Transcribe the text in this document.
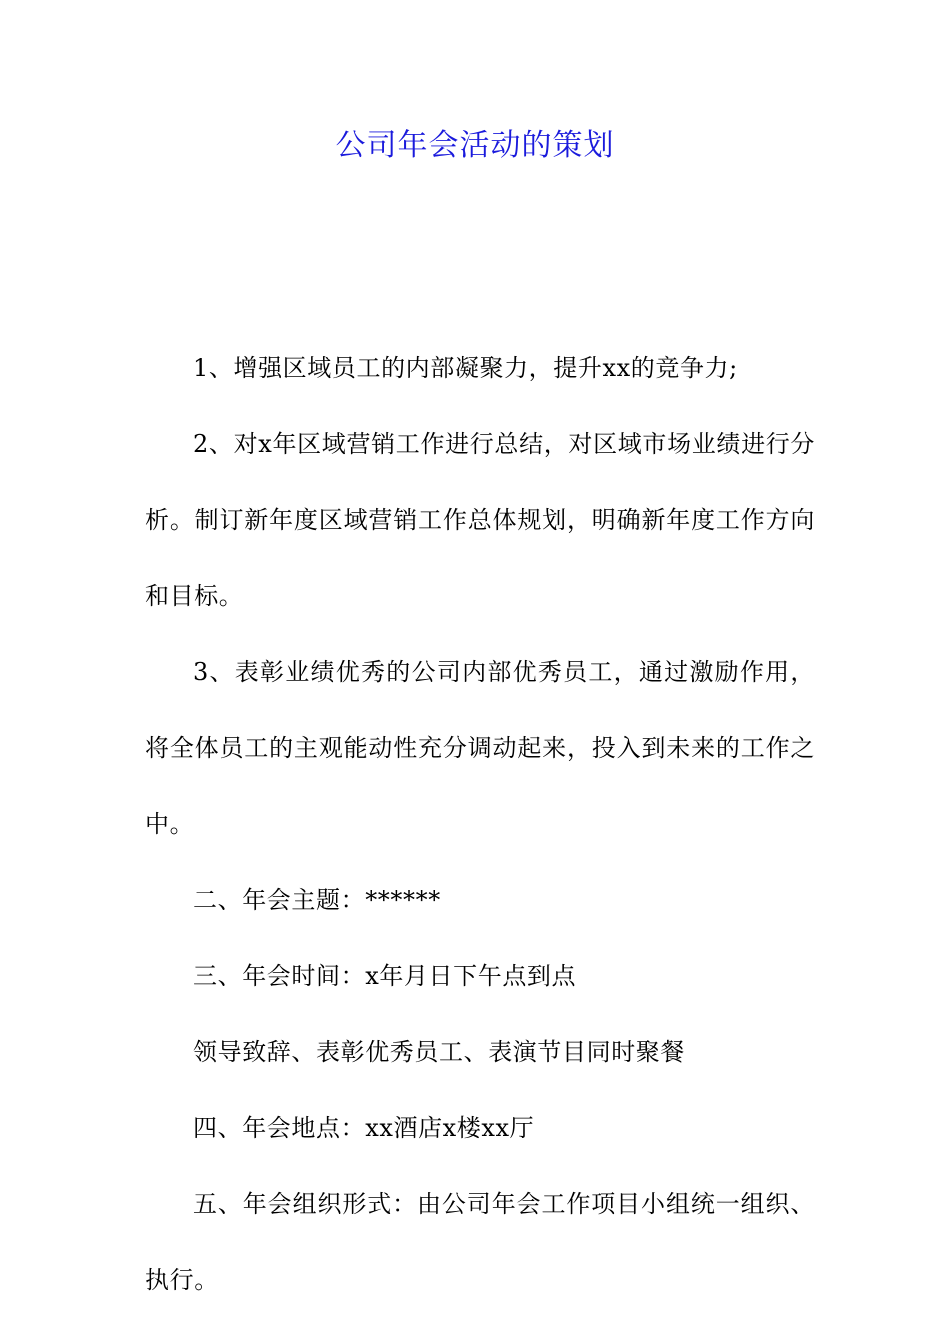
公司年会活动的策划

1、增强区域员工的内部凝聚力，提升xx的竞争力;

2、对x年区域营销工作进行总结，对区域市场业绩进行分析。制订新年度区域营销工作总体规划，明确新年度工作方向和目标。

3、表彰业绩优秀的公司内部优秀员工，通过激励作用，将全体员工的主观能动性充分调动起来，投入到未来的工作之中。

二、年会主题：******

三、年会时间：x年月日下午点到点

领导致辞、表彰优秀员工、表演节目同时聚餐

四、年会地点：xx酒店x楼xx厅

五、年会组织形式：由公司年会工作项目小组统一组织、执行。
